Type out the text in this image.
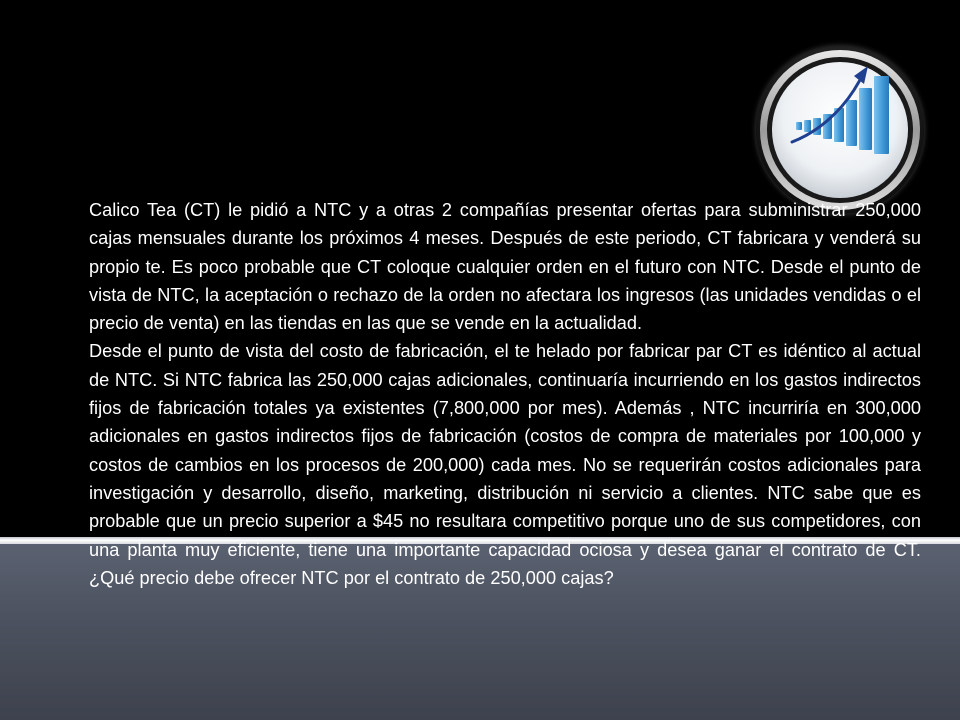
Calico Tea (CT) le pidió a NTC y a otras 2 compañías presentar ofertas para subministrar 250,000 cajas mensuales durante los próximos 4 meses. Después de este periodo, CT fabricara y venderá su propio te. Es poco probable que CT coloque cualquier orden en el futuro con NTC. Desde el punto de vista de NTC, la aceptación o rechazo de la orden no afectara los ingresos (las unidades vendidas o el precio de venta) en las tiendas en las que se vende en la actualidad.

Desde el punto de vista del costo de fabricación, el te helado por fabricar par CT es idéntico al actual de NTC. Si NTC fabrica las 250,000 cajas adicionales, continuaría incurriendo en los gastos indirectos fijos de fabricación totales ya existentes (7,800,000 por mes). Además , NTC incurriría en 300,000 adicionales en gastos indirectos fijos de fabricación (costos de compra de materiales por 100,000 y costos de cambios en los procesos de 200,000) cada mes. No se requerirán costos adicionales para investigación y desarrollo, diseño, marketing, distribución ni servicio a clientes. NTC sabe que es probable que un precio superior a $45 no resultara competitivo porque uno de sus competidores, con una planta muy eficiente, tiene una importante capacidad ociosa y desea ganar el contrato de CT. ¿Qué precio debe ofrecer NTC por el contrato de 250,000 cajas?
